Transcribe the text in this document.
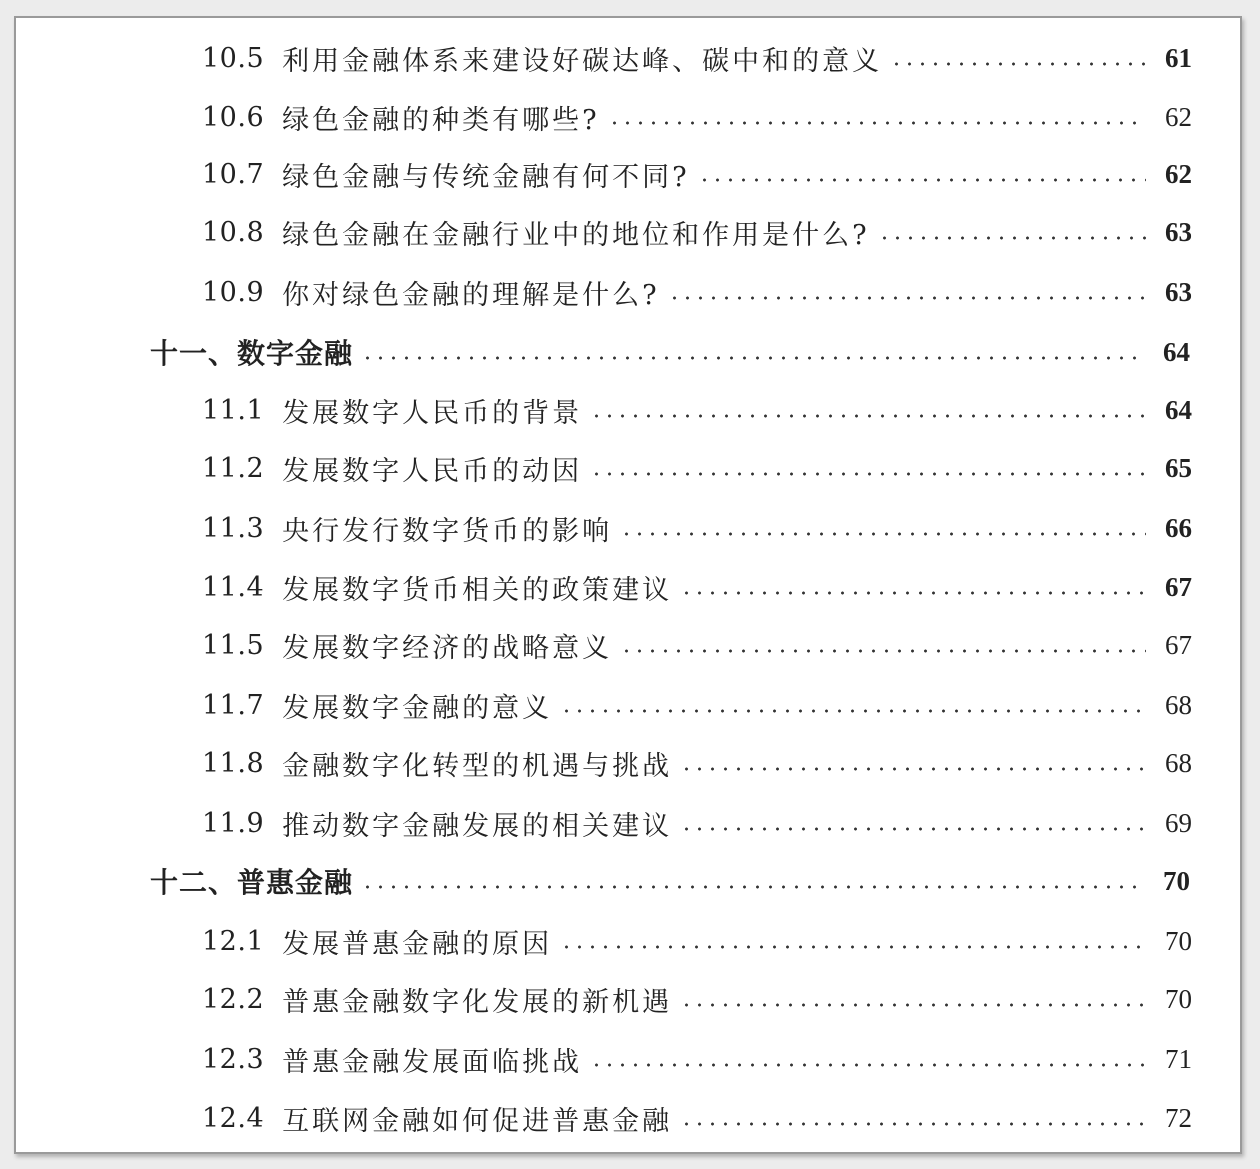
10.5 利用金融体系来建设好碳达峰、碳中和的意义	61
10.6 绿色金融的种类有哪些?	62
10.7 绿色金融与传统金融有何不同?	62
10.8 绿色金融在金融行业中的地位和作用是什么?	63
10.9 你对绿色金融的理解是什么?	63
十一、数字金融	64
11.1 发展数字人民币的背景	64
11.2 发展数字人民币的动因	65
11.3 央行发行数字货币的影响	66
11.4 发展数字货币相关的政策建议	67
11.5 发展数字经济的战略意义	67
11.7 发展数字金融的意义	68
11.8 金融数字化转型的机遇与挑战	68
11.9 推动数字金融发展的相关建议	69
十二、普惠金融	70
12.1 发展普惠金融的原因	70
12.2 普惠金融数字化发展的新机遇	70
12.3 普惠金融发展面临挑战	71
12.4 互联网金融如何促进普惠金融	72
